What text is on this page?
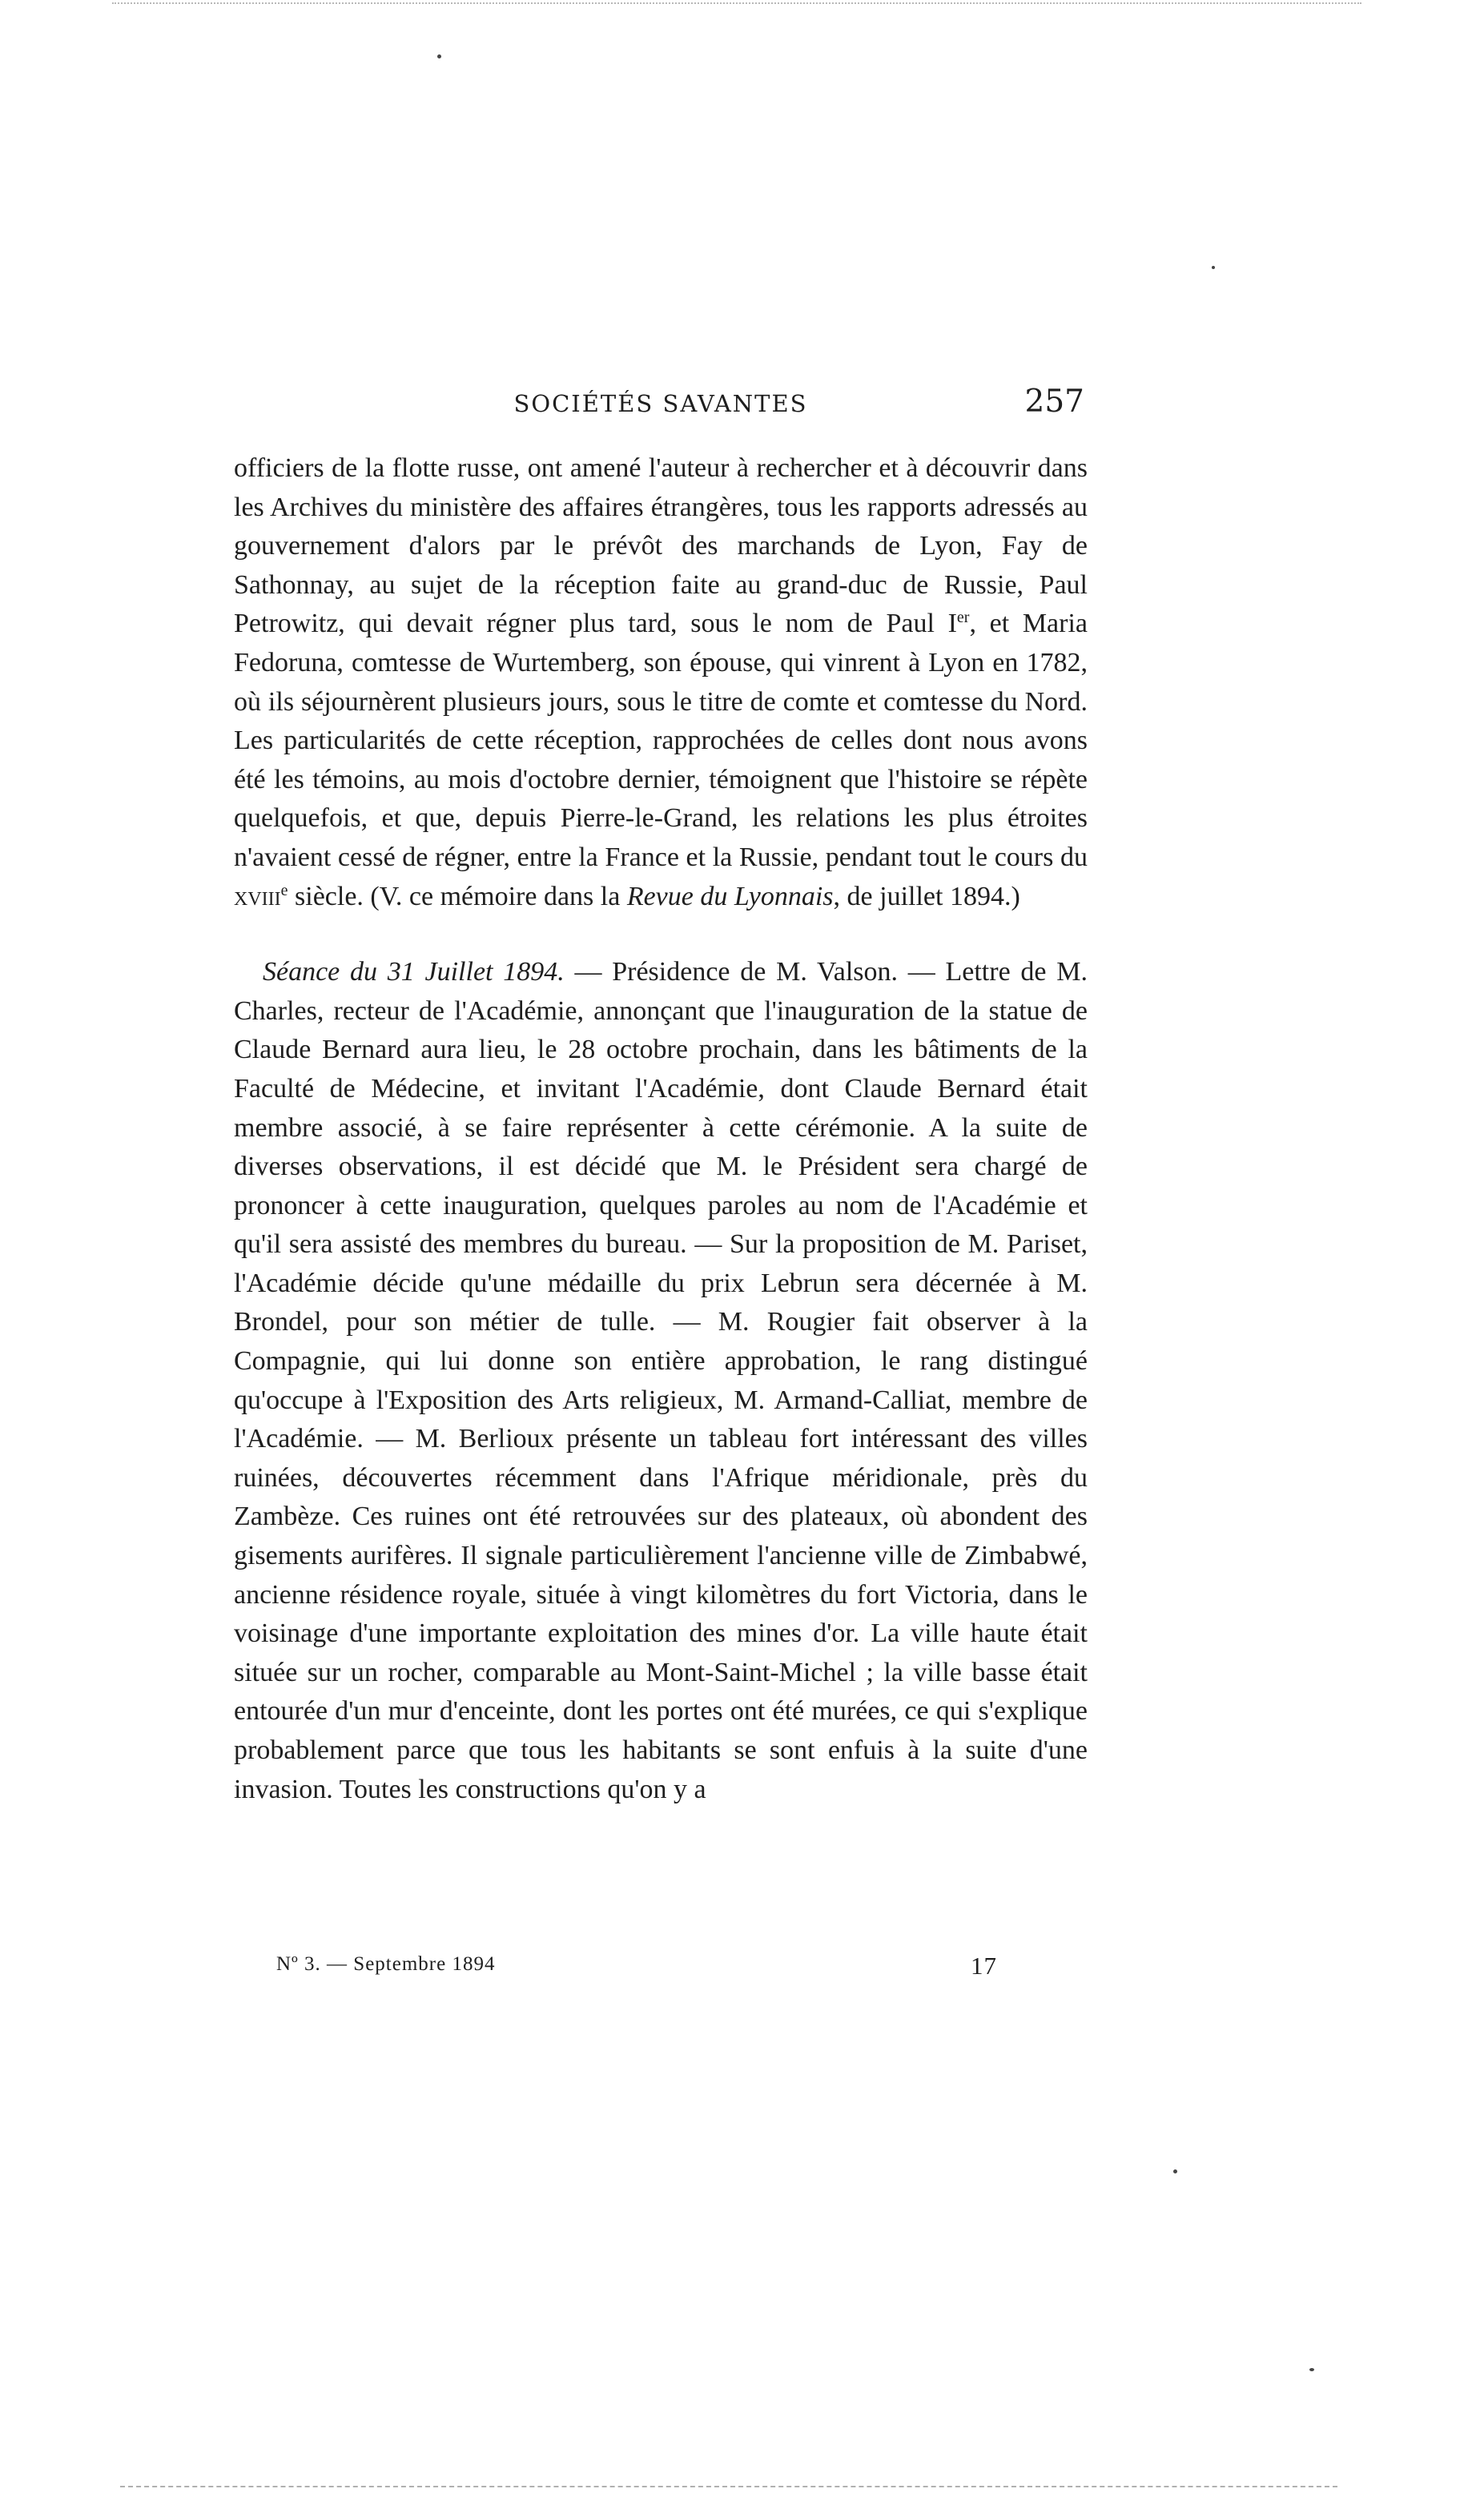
SOCIÉTÉS SAVANTES	257

officiers de la flotte russe, ont amené l'auteur à rechercher et à découvrir dans les Archives du ministère des affaires étrangères, tous les rapports adressés au gouvernement d'alors par le prévôt des marchands de Lyon, Fay de Sathonnay, au sujet de la réception faite au grand-duc de Russie, Paul Petrowitz, qui devait régner plus tard, sous le nom de Paul Ier, et Maria Fedoruna, comtesse de Wurtemberg, son épouse, qui vinrent à Lyon en 1782, où ils séjournèrent plusieurs jours, sous le titre de comte et comtesse du Nord. Les particularités de cette réception, rapprochées de celles dont nous avons été les témoins, au mois d'octobre dernier, témoignent que l'histoire se répète quelquefois, et que, depuis Pierre-le-Grand, les relations les plus étroites n'avaient cessé de régner, entre la France et la Russie, pendant tout le cours du xviii$^e$ siècle. (V. ce mémoire dans la Revue du Lyonnais, de juillet 1894.)

Séance du 31 Juillet 1894. — Présidence de M. Valson. — Lettre de M. Charles, recteur de l'Académie, annonçant que l'inauguration de la statue de Claude Bernard aura lieu, le 28 octobre prochain, dans les bâtiments de la Faculté de Médecine, et invitant l'Académie, dont Claude Bernard était membre associé, à se faire représenter à cette cérémonie. A la suite de diverses observations, il est décidé que M. le Président sera chargé de prononcer à cette inauguration, quelques paroles au nom de l'Académie et qu'il sera assisté des membres du bureau. — Sur la proposition de M. Pariset, l'Académie décide qu'une médaille du prix Lebrun sera décernée à M. Brondel, pour son métier de tulle. — M. Rougier fait observer à la Compagnie, qui lui donne son entière approbation, le rang distingué qu'occupe à l'Exposition des Arts religieux, M. Armand-Calliat, membre de l'Académie. — M. Berlioux présente un tableau fort intéressant des villes ruinées, découvertes récemment dans l'Afrique méridionale, près du Zambèze. Ces ruines ont été retrouvées sur des plateaux, où abondent des gisements aurifères. Il signale particulièrement l'ancienne ville de Zimbabwé, ancienne résidence royale, située à vingt kilomètres du fort Victoria, dans le voisinage d'une importante exploitation des mines d'or. La ville haute était située sur un rocher, comparable au Mont-Saint-Michel ; la ville basse était entourée d'un mur d'enceinte, dont les portes ont été murées, ce qui s'explique probablement parce que tous les habitants se sont enfuis à la suite d'une invasion. Toutes les constructions qu'on y a

Nº 3. — Septembre 1894	17
